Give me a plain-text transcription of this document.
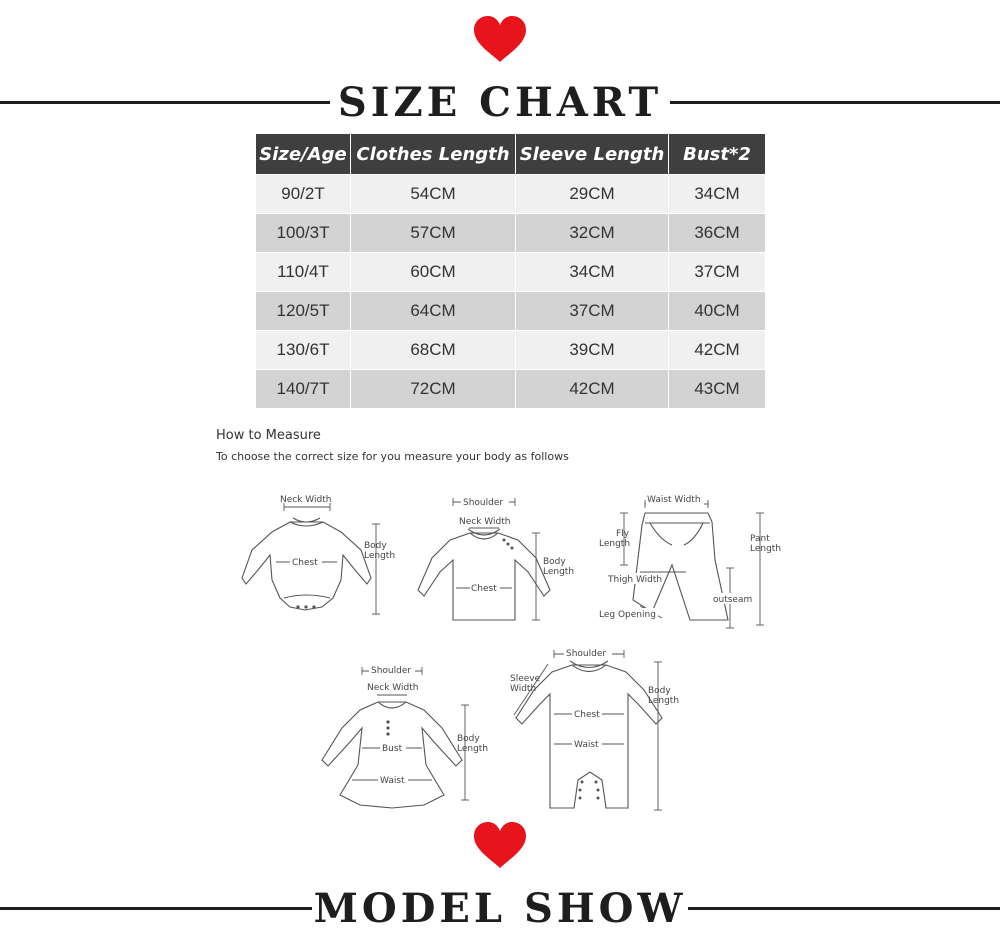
SIZE CHART
Size/Age	Clothes Length	Sleeve Length	Bust*2
90/2T	54CM	29CM	34CM
100/3T	57CM	32CM	36CM
110/4T	60CM	34CM	37CM
120/5T	64CM	37CM	40CM
130/6T	68CM	39CM	42CM
140/7T	72CM	42CM	43CM
How to Measure
To choose the correct size for you measure your body as follows
Neck Width
Chest
Body
Length
Shoulder
Neck Width
Chest
Body
Length
Waist Width
Fly
Length	Pant
Length
Thigh Width
outseam
Leg Opening
Shoulder
Neck Width
Bust
Waist
Body
Length
Shoulder
Sleeve
Width
Chest
Waist
Body
Length
MODEL SHOW
